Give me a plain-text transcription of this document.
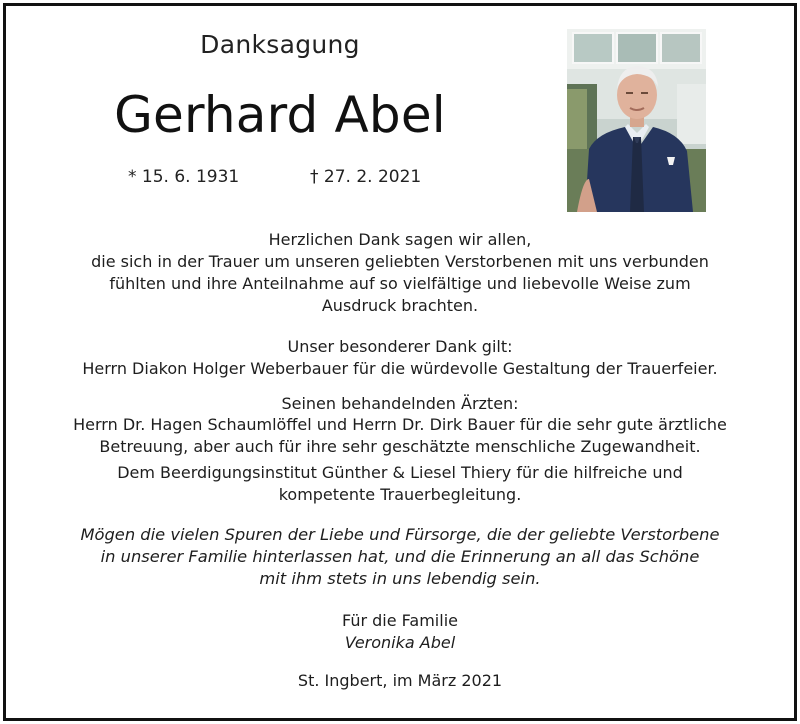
Danksagung
Gerhard Abel
* 15. 6. 1931	† 27. 2. 2021

Herzlichen Dank sagen wir allen,
die sich in der Trauer um unseren geliebten Verstorbenen mit uns verbunden
fühlten und ihre Anteilnahme auf so vielfältige und liebevolle Weise zum
Ausdruck brachten.

Unser besonderer Dank gilt:
Herrn Diakon Holger Weberbauer für die würdevolle Gestaltung der Trauerfeier.

Seinen behandelnden Ärzten:

Herrn Dr. Hagen Schaumlöffel und Herrn Dr. Dirk Bauer für die sehr gute ärztliche
Betreuung, aber auch für ihre sehr geschätzte menschliche Zugewandheit.

Dem Beerdigungsinstitut Günther & Liesel Thiery für die hilfreiche und
kompetente Trauerbegleitung.

Mögen die vielen Spuren der Liebe und Fürsorge, die der geliebte Verstorbene
in unserer Familie hinterlassen hat, und die Erinnerung an all das Schöne
mit ihm stets in uns lebendig sein.

Für die Familie

Veronika Abel

St. Ingbert, im März 2021
